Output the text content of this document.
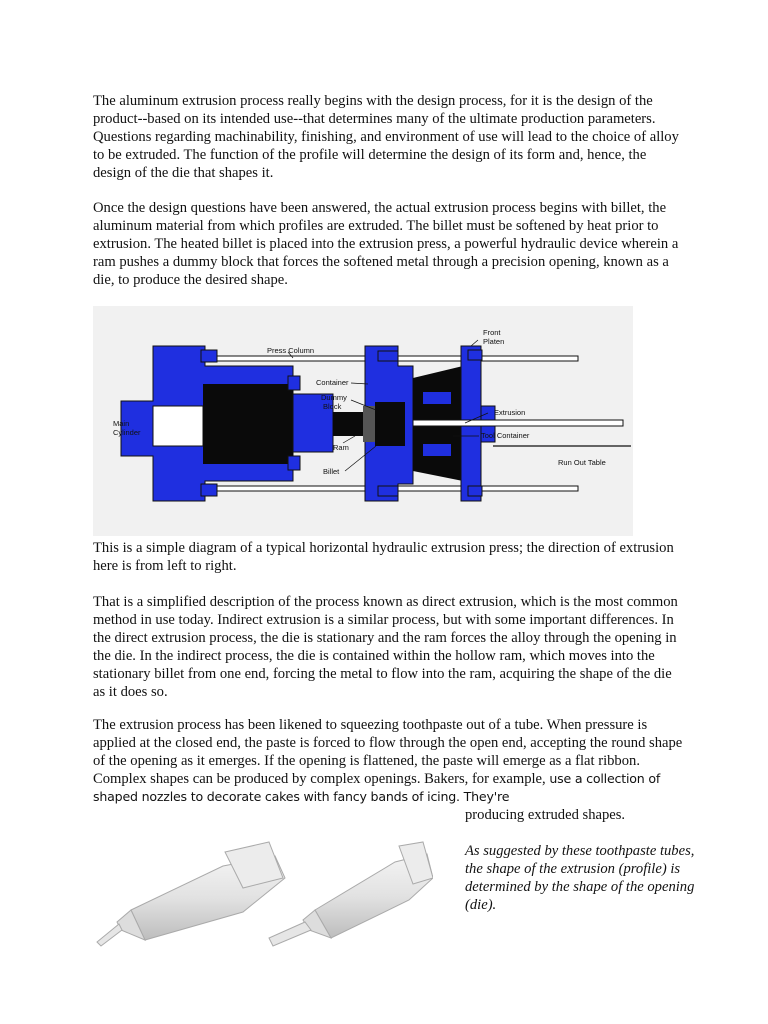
The aluminum extrusion process really begins with the design process, for it is the design of the product--based on its intended use--that determines many of the ultimate production parameters. Questions regarding machinability, finishing, and environment of use will lead to the choice of alloy to be extruded. The function of the profile will determine the design of its form and, hence, the design of the die that shapes it.

Once the design questions have been answered, the actual extrusion process begins with billet, the aluminum material from which profiles are extruded. The billet must be softened by heat prior to extrusion. The heated billet is placed into the extrusion press, a powerful hydraulic device wherein a ram pushes a dummy block that forces the softened metal through a precision opening, known as a die, to produce the desired shape.

Front
Platen
Press Column
Container
Dummy
Block
Extrusion
Tool Container
Main
Cylinder
Hydraulic
Pressure
Ram
Billet
Run Out Table

This is a simple diagram of a typical horizontal hydraulic extrusion press; the direction of extrusion here is from left to right.

That is a simplified description of the process known as direct extrusion, which is the most common method in use today. Indirect extrusion is a similar process, but with some important differences. In the direct extrusion process, the die is stationary and the ram forces the alloy through the opening in the die. In the indirect process, the die is contained within the hollow ram, which moves into the stationary billet from one end, forcing the metal to flow into the ram, acquiring the shape of the die as it does so.

The extrusion process has been likened to squeezing toothpaste out of a tube. When pressure is applied at the closed end, the paste is forced to flow through the open end, accepting the round shape of the opening as it emerges. If the opening is flattened, the paste will emerge as a flat ribbon. Complex shapes can be produced by complex openings. Bakers, for example, use a collection of shaped nozzles to decorate cakes with fancy bands of icing. They're

producing extruded shapes.

As suggested by these toothpaste tubes, the shape of the extrusion (profile) is determined by the shape of the opening (die).
